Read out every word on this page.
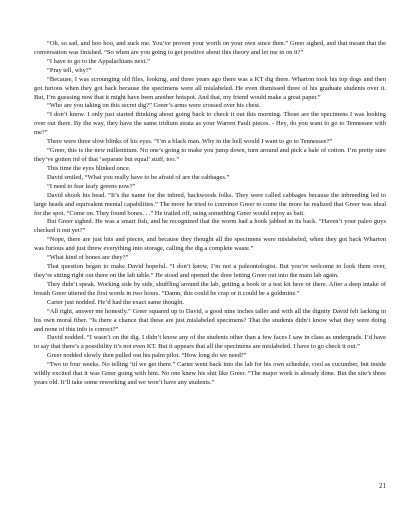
“Oh, so sad, and boo hoo, and suck me. You’ve proven your worth on your own since then.” Greer sighed, and that meant that the conversation was finished. “So when are you going to get positive about this theory and let me in on it?”

“I have to go to the Appalachians next.”

“Pray tell, why?”

“Because, I was scrounging old files, looking, and three years ago there was a KT dig there. Wharton took his top dogs and then got furious when they got back because the specimens were all mislabeled. He even dismissed three of his graduate students over it. But, I’m guessing now that it might have been another hotspot. And that, my friend would make a great paper.”

“Who are you taking on this secret dig?” Greer’s arms were crossed over his chest.

“I don’t know. I only just started thinking about going back to check it out this morning. Those are the specimens I was looking over out there. By the way, they have the same iridium strata as your Warren Fault pieces. - Hey, do you want to go to Tennessee with me?”

There were three slow blinks of his eyes. “I’m a black man. Why in the hell would I want to go to Tennessee?”

“Greer, this is the new millennium. No one’s going to make you jump down, turn around and pick a bale of cotton. I’m pretty sure they’ve gotten rid of that ‘separate but equal’ stuff, too.”

This time the eyes blinked once.

David smiled, “What you really have to be afraid of are the cabbages.”

“I need to fear leafy greens now?”

David shook his head. “It’s the name for the inbred, backwoods folks. They were called cabbages because the inbreeding led to large heads and equivalent mental capabilities.” The more he tried to convince Greer to come the more he realized that Greer was ideal for the spot. “Come on. They found bones. . .” He trailed off, using something Greer would enjoy as bait.

But Greer sighed. He was a smart fish, and he recognized that the worm had a hook jabbed in its back. “Haven’t your paleo guys checked it out yet?”

“Nope, there are just bits and pieces, and because they thought all the specimens were mislabeled, when they got back Wharton was furious and just threw everything into storage, calling the dig a complete waste.”

“What kind of bones are they?”

That question began to make David hopeful. “I don’t know, I’m not a paleontologist. But you’re welcome to look them over, they’re sitting right out there on the lab table.” He stood and opened the door letting Greer out into the main lab again.

They didn’t speak. Working side by side, shuffling around the lab, getting a book or a test kit here or there. After a deep intake of breath Greer uttered the first words in two hours. “Damn, this could be crap or it could be a goldmine.”

Carter just nodded. He’d had the exact same thought.

“All right, answer me honestly.” Greer squared up to David, a good nine inches taller and with all the dignity David felt lacking in his own moral fiber. “Is there a chance that these are just mislabeled specimens? That the students didn’t know what they were doing and none of this info is correct?”

David nodded. “I wasn’t on the dig. I didn’t know any of the students other than a few faces I saw in class as undergrads. I’d have to say that there’s a possibility it’s not even KT. But it appears that all the specimens are mislabeled. I have to go check it out.”

Greer nodded slowly then pulled out his palm pilot. “How long do we need?”

“Two to four weeks. No telling ’til we get there.” Carter went back into the lab for his own schedule, cool as cucumber, but inside wildly excited that it was Greer going with him. No one knew his shit like Greer. “The major work is already done. But the site’s three years old. It’ll take some reworking and we won’t have any students.”

21
